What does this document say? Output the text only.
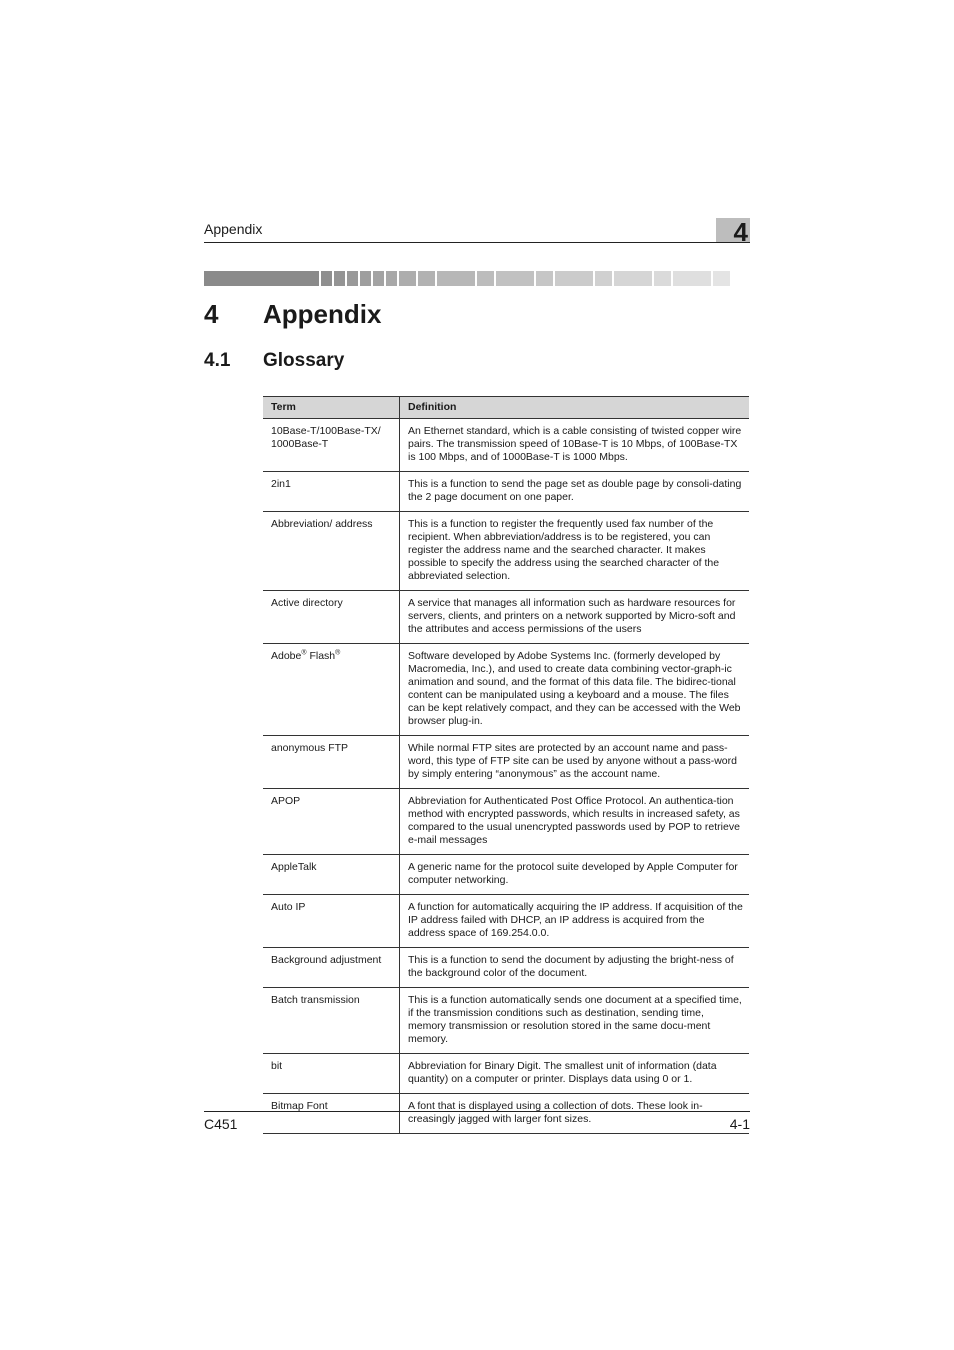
Appendix	4
4 Appendix
4.1 Glossary
Term	Definition
10Base-T/100Base-TX/ 1000Base-T	An Ethernet standard, which is a cable consisting of twisted copper wire pairs. The transmission speed of 10Base-T is 10 Mbps, of 100Base-TX is 100 Mbps, and of 1000Base-T is 1000 Mbps.
2in1	This is a function to send the page set as double page by consoli-dating the 2 page document on one paper.
Abbreviation/ address	This is a function to register the frequently used fax number of the recipient. When abbreviation/address is to be registered, you can register the address name and the searched character. It makes possible to specify the address using the searched character of the abbreviated selection.
Active directory	A service that manages all information such as hardware resources for servers, clients, and printers on a network supported by Micro-soft and the attributes and access permissions of the users
Adobe® Flash®	Software developed by Adobe Systems Inc. (formerly developed by Macromedia, Inc.), and used to create data combining vector-graph-ic animation and sound, and the format of this data file. The bidirec-tional content can be manipulated using a keyboard and a mouse. The files can be kept relatively compact, and they can be accessed with the Web browser plug-in.
anonymous FTP	While normal FTP sites are protected by an account name and pass-word, this type of FTP site can be used by anyone without a pass-word by simply entering “anonymous” as the account name.
APOP	Abbreviation for Authenticated Post Office Protocol. An authentica-tion method with encrypted passwords, which results in increased safety, as compared to the usual unencrypted passwords used by POP to retrieve e-mail messages
AppleTalk	A generic name for the protocol suite developed by Apple Computer for computer networking.
Auto IP	A function for automatically acquiring the IP address. If acquisition of the IP address failed with DHCP, an IP address is acquired from the address space of 169.254.0.0.
Background adjustment	This is a function to send the document by adjusting the bright-ness of the background color of the document.
Batch transmission	This is a function automatically sends one document at a specified time, if the transmission conditions such as destination, sending time, memory transmission or resolution stored in the same docu-ment memory.
bit	Abbreviation for Binary Digit. The smallest unit of information (data quantity) on a computer or printer. Displays data using 0 or 1.
Bitmap Font	A font that is displayed using a collection of dots. These look in-creasingly jagged with larger font sizes.
C451	4-1
